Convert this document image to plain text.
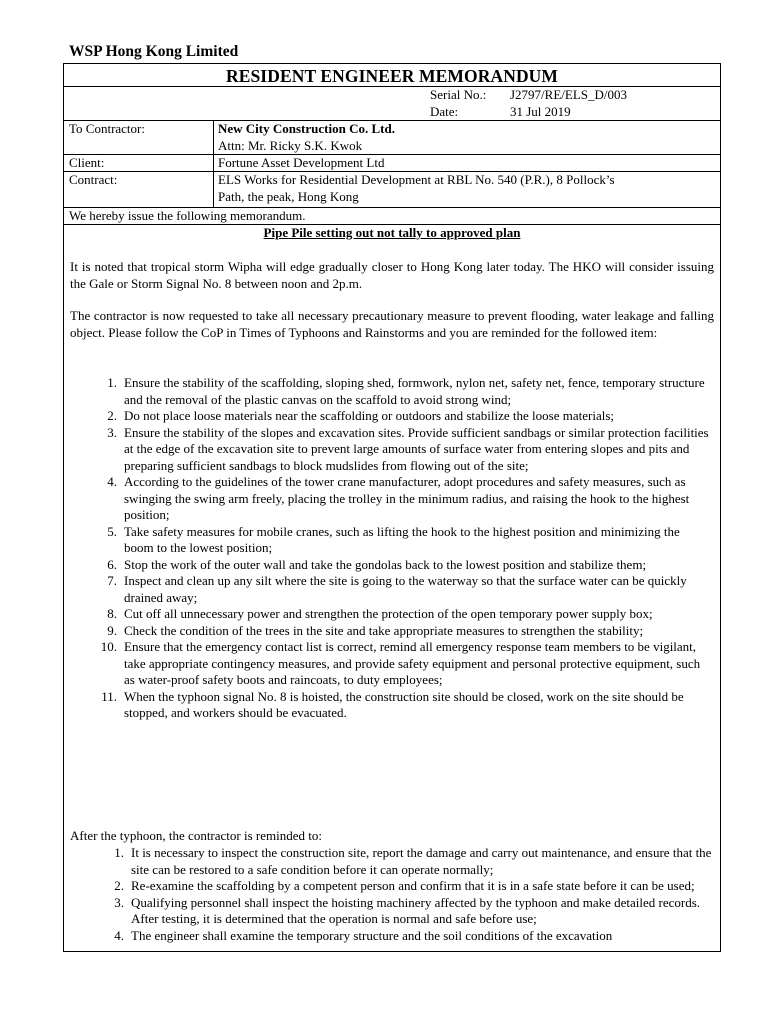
WSP Hong Kong Limited
RESIDENT ENGINEER MEMORANDUM
Serial No.: J2797/RE/ELS_D/003
Date:	31 Jul 2019
To Contractor:	New City Construction Co. Ltd.
Attn: Mr. Ricky S.K. Kwok
Client:	Fortune Asset Development Ltd
Contract:	ELS Works for Residential Development at RBL No. 540 (P.R.), 8 Pollock’s
Path, the peak, Hong Kong
We hereby issue the following memorandum.
Pipe Pile setting out not tally to approved plan
It is noted that tropical storm Wipha will edge gradually closer to Hong Kong later today. The HKO will consider issuing the Gale or Storm Signal No. 8 between noon and 2p.m.
The contractor is now requested to take all necessary precautionary measure to prevent flooding, water leakage and falling object. Please follow the CoP in Times of Typhoons and Rainstorms and you are reminded for the followed item:
1. Ensure the stability of the scaffolding, sloping shed, formwork, nylon net, safety net, fence, temporary structure and the removal of the plastic canvas on the scaffold to avoid strong wind;
2. Do not place loose materials near the scaffolding or outdoors and stabilize the loose materials;
3. Ensure the stability of the slopes and excavation sites. Provide sufficient sandbags or similar protection facilities at the edge of the excavation site to prevent large amounts of surface water from entering slopes and pits and preparing sufficient sandbags to block mudslides from flowing out of the site;
4. According to the guidelines of the tower crane manufacturer, adopt procedures and safety measures, such as swinging the swing arm freely, placing the trolley in the minimum radius, and raising the hook to the highest position;
5. Take safety measures for mobile cranes, such as lifting the hook to the highest position and minimizing the boom to the lowest position;
6. Stop the work of the outer wall and take the gondolas back to the lowest position and stabilize them;
7. Inspect and clean up any silt where the site is going to the waterway so that the surface water can be quickly drained away;
8. Cut off all unnecessary power and strengthen the protection of the open temporary power supply box;
9. Check the condition of the trees in the site and take appropriate measures to strengthen the stability;
10. Ensure that the emergency contact list is correct, remind all emergency response team members to be vigilant, take appropriate contingency measures, and provide safety equipment and personal protective equipment, such as water-proof safety boots and raincoats, to duty employees;
11. When the typhoon signal No. 8 is hoisted, the construction site should be closed, work on the site should be stopped, and workers should be evacuated.
After the typhoon, the contractor is reminded to:
1. It is necessary to inspect the construction site, report the damage and carry out maintenance, and ensure that the site can be restored to a safe condition before it can operate normally;
2. Re-examine the scaffolding by a competent person and confirm that it is in a safe state before it can be used;
3. Qualifying personnel shall inspect the hoisting machinery affected by the typhoon and make detailed records. After testing, it is determined that the operation is normal and safe before use;
4. The engineer shall examine the temporary structure and the soil conditions of the excavation
